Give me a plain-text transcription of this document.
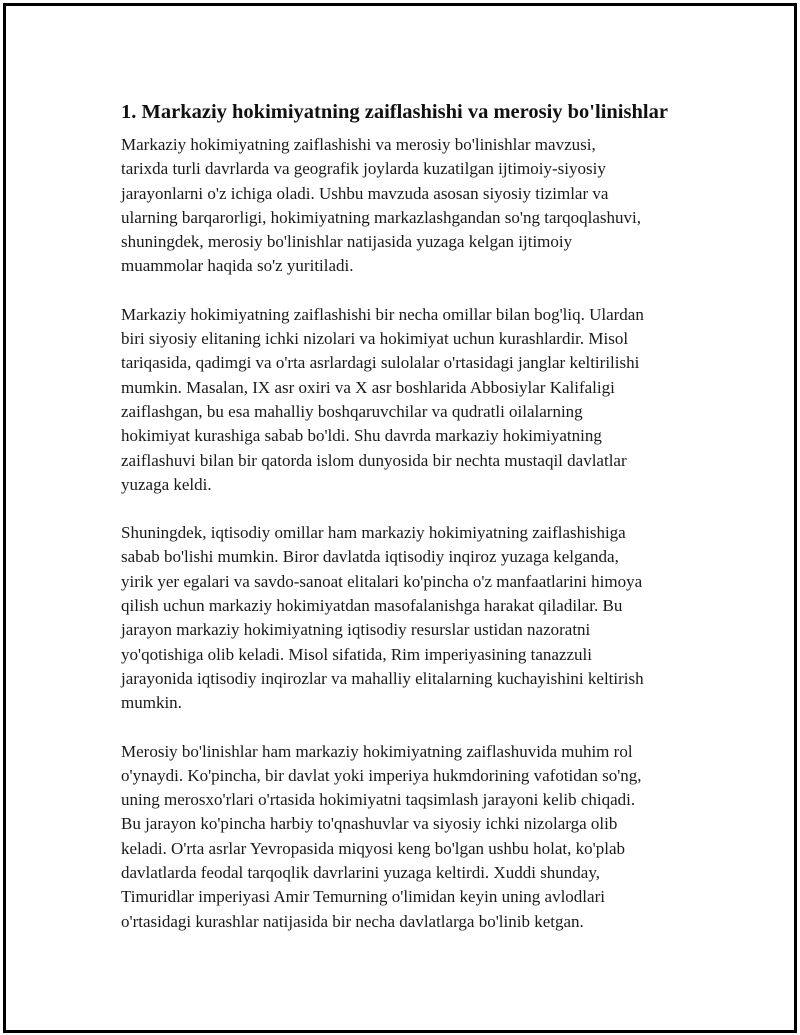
1. Markaziy hokimiyatning zaiflashishi va merosiy bo'linishlar

Markaziy hokimiyatning zaiflashishi va merosiy bo'linishlar mavzusi,
tarixda turli davrlarda va geografik joylarda kuzatilgan ijtimoiy-siyosiy
jarayonlarni o'z ichiga oladi. Ushbu mavzuda asosan siyosiy tizimlar va
ularning barqarorligi, hokimiyatning markazlashgandan so'ng tarqoqlashuvi,
shuningdek, merosiy bo'linishlar natijasida yuzaga kelgan ijtimoiy
muammolar haqida so'z yuritiladi.

Markaziy hokimiyatning zaiflashishi bir necha omillar bilan bog'liq. Ulardan
biri siyosiy elitaning ichki nizolari va hokimiyat uchun kurashlardir. Misol
tariqasida, qadimgi va o'rta asrlardagi sulolalar o'rtasidagi janglar keltirilishi
mumkin. Masalan, IX asr oxiri va X asr boshlarida Abbosiylar Kalifaligi
zaiflashgan, bu esa mahalliy boshqaruvchilar va qudratli oilalarning
hokimiyat kurashiga sabab bo'ldi. Shu davrda markaziy hokimiyatning
zaiflashuvi bilan bir qatorda islom dunyosida bir nechta mustaqil davlatlar
yuzaga keldi.

Shuningdek, iqtisodiy omillar ham markaziy hokimiyatning zaiflashishiga
sabab bo'lishi mumkin. Biror davlatda iqtisodiy inqiroz yuzaga kelganda,
yirik yer egalari va savdo-sanoat elitalari ko'pincha o'z manfaatlarini himoya
qilish uchun markaziy hokimiyatdan masofalanishga harakat qiladilar. Bu
jarayon markaziy hokimiyatning iqtisodiy resurslar ustidan nazoratni
yo'qotishiga olib keladi. Misol sifatida, Rim imperiyasining tanazzuli
jarayonida iqtisodiy inqirozlar va mahalliy elitalarning kuchayishini keltirish
mumkin.

Merosiy bo'linishlar ham markaziy hokimiyatning zaiflashuvida muhim rol
o'ynaydi. Ko'pincha, bir davlat yoki imperiya hukmdorining vafotidan so'ng,
uning merosxo'rlari o'rtasida hokimiyatni taqsimlash jarayoni kelib chiqadi.
Bu jarayon ko'pincha harbiy to'qnashuvlar va siyosiy ichki nizolarga olib
keladi. O'rta asrlar Yevropasida miqyosi keng bo'lgan ushbu holat, ko'plab
davlatlarda feodal tarqoqlik davrlarini yuzaga keltirdi. Xuddi shunday,
Timuridlar imperiyasi Amir Temurning o'limidan keyin uning avlodlari
o'rtasidagi kurashlar natijasida bir necha davlatlarga bo'linib ketgan.
